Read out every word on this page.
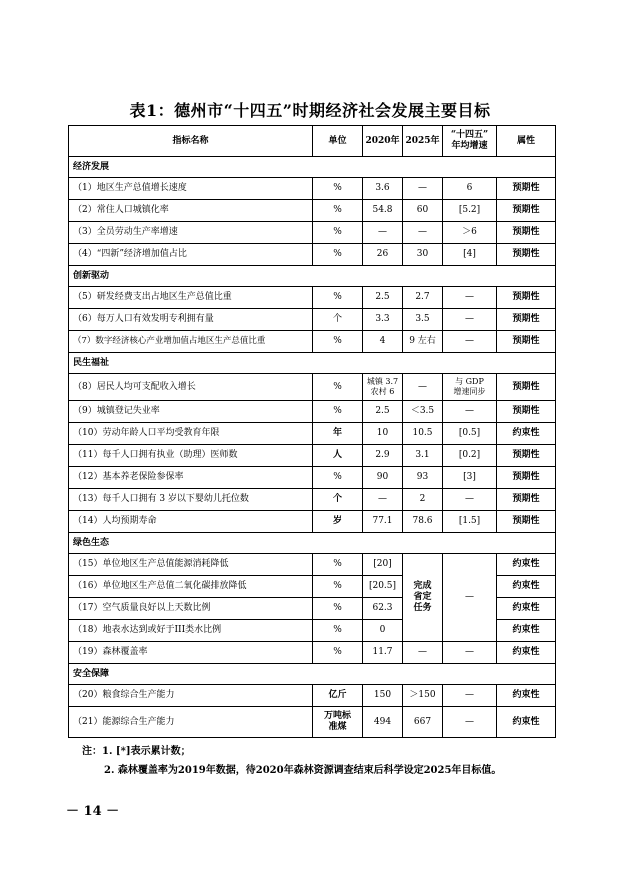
表1：德州市“十四五”时期经济社会发展主要目标
指标名称	单位	2020年	2025年	“十四五”
年均增速	属性
经济发展					
（1）地区生产总值增长速度	%	3.6	—	6	预期性
（2）常住人口城镇化率	%	54.8	60	[5.2]	预期性
（3）全员劳动生产率增速	%	—	—	＞6	预期性
（4）“四新”经济增加值占比	%	26	30	[4]	预期性
创新驱动					
（5）研发经费支出占地区生产总值比重	%	2.5	2.7	—	预期性
（6）每万人口有效发明专利拥有量	个	3.3	3.5	—	预期性
（7）数字经济核心产业增加值占地区生产总值比重	%	4	9 左右	—	预期性
民生福祉					
（8）居民人均可支配收入增长	%	城镇 3.7
农村 6	—	与 GDP
增速同步	预期性
（9）城镇登记失业率	%	2.5	＜3.5	—	预期性
（10）劳动年龄人口平均受教育年限	年	10	10.5	[0.5]	约束性
（11）每千人口拥有执业（助理）医师数	人	2.9	3.1	[0.2]	预期性
（12）基本养老保险参保率	%	90	93	[3]	预期性
（13）每千人口拥有 3 岁以下婴幼儿托位数	个	—	2	—	预期性
（14）人均预期寿命	岁	77.1	78.6	[1.5]	预期性
绿色生态					
（15）单位地区生产总值能源消耗降低	%	[20]	完成
省定
任务	—	约束性
（16）单位地区生产总值二氧化碳排放降低	%	[20.5]			约束性
（17）空气质量良好以上天数比例	%	62.3			约束性
（18）地表水达到或好于III类水比例	%	0			约束性
（19）森林覆盖率	%	11.7	—	—	约束性
安全保障					
（20）粮食综合生产能力	亿斤	150	＞150	—	约束性
（21）能源综合生产能力	万吨标
准煤	494	667	—	约束性
注：1. [*]表示累计数；
2. 森林覆盖率为2019年数据，待2020年森林资源调查结束后科学设定2025年目标值。
－ 14 －
